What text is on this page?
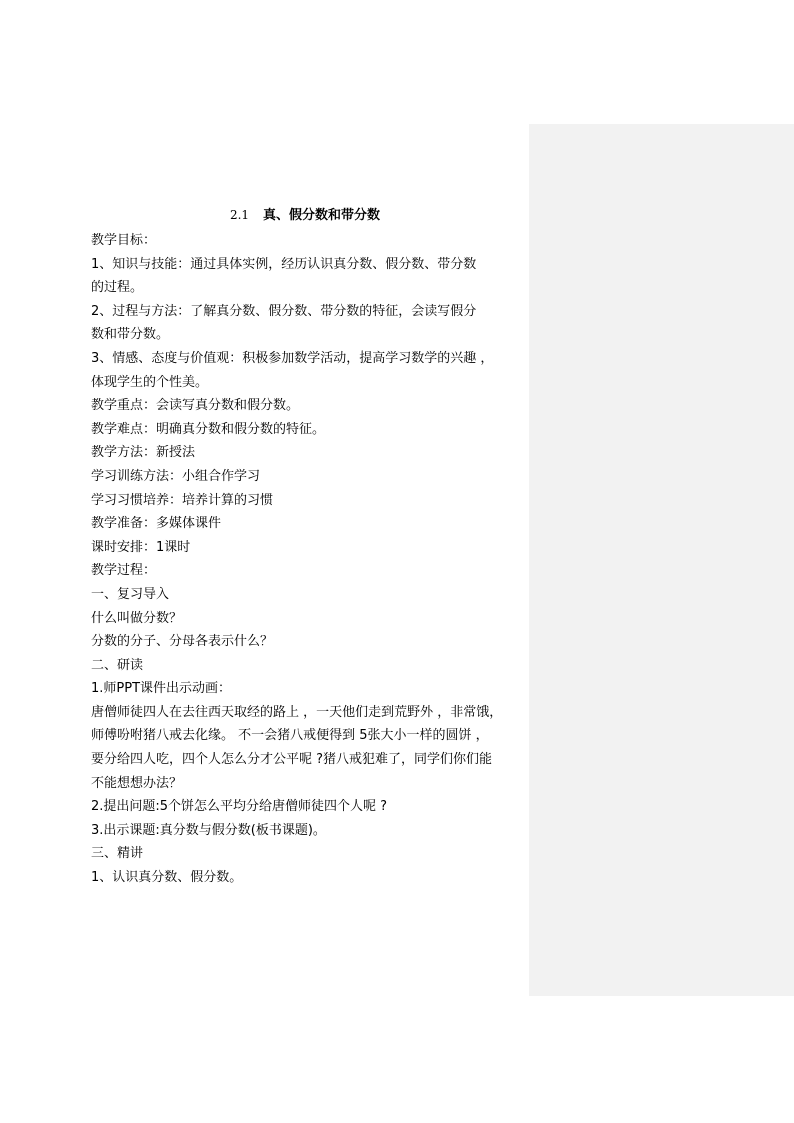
2.1 真、假分数和带分数
教学目标：
1、知识与技能：通过具体实例，经历认识真分数、假分数、带分数
的过程。
2、过程与方法：了解真分数、假分数、带分数的特征，会读写假分
数和带分数。
3、情感、态度与价值观：积极参加数学活动，提高学习数学的兴趣 ，
体现学生的个性美。
教学重点：会读写真分数和假分数。
教学难点：明确真分数和假分数的特征。
教学方法：新授法
学习训练方法：小组合作学习
学习习惯培养：培养计算的习惯
教学准备：多媒体课件
课时安排：1课时
教学过程：
一、复习导入
什么叫做分数？
分数的分子、分母各表示什么？
二、研读
1.师PPT课件出示动画：
唐僧师徒四人在去往西天取经的路上 ，一天他们走到荒野外 ，非常饿，
师傅吩咐猪八戒去化缘。 不一会猪八戒便得到 5张大小一样的圆饼 ，
要分给四人吃，四个人怎么分才公平呢 ?猪八戒犯难了，同学们你们能
不能想想办法？
2.提出问题:5个饼怎么平均分给唐僧师徒四个人呢 ?
3.出示课题:真分数与假分数(板书课题)。
三、精讲
1、认识真分数、假分数。
